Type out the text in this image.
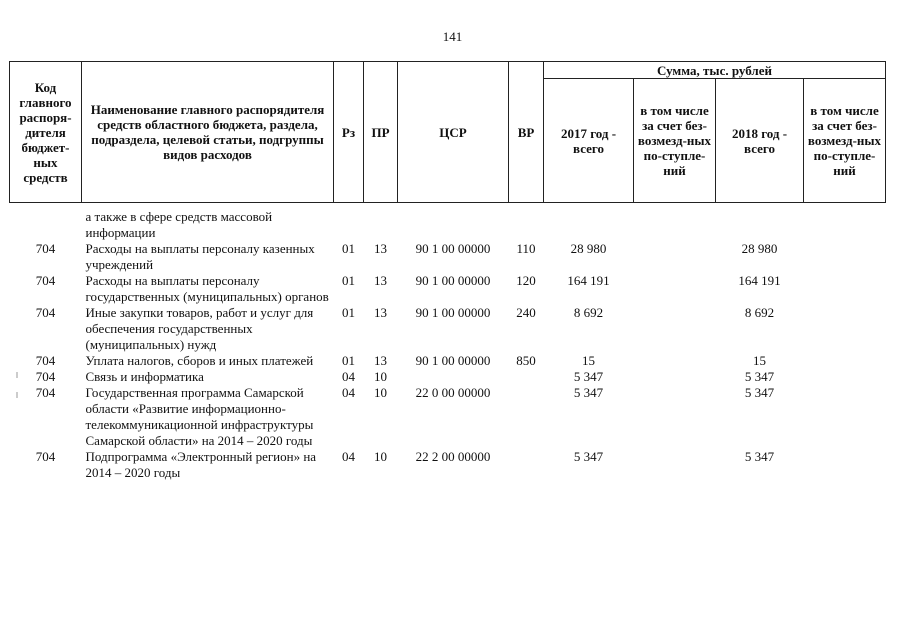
141
Код главного распоря-дителя бюджет-ных средств	Наименование главного распорядителя средств областного бюджета, раздела, подраздела, целевой статьи, подгруппы видов расходов	Рз	ПР	ЦСР	ВР	Сумма, тыс. рублей			
						2017 год - всего	в том числе за счет без-возмезд-ных по-ступле-ний	2018 год - всего	в том числе за счет без-возмезд-ных по-ступле-ний

	а также в сфере средств массовой информации								
704	Расходы на выплаты персоналу казенных учреждений	01	13	90 1 00 00000	110	28 980		28 980	
704	Расходы на выплаты персоналу государственных (муниципальных) органов	01	13	90 1 00 00000	120	164 191		164 191	
704	Иные закупки товаров, работ и услуг для обеспечения государственных (муниципальных) нужд	01	13	90 1 00 00000	240	8 692		8 692	
704	Уплата налогов, сборов и иных платежей	01	13	90 1 00 00000	850	15		15	
704	Связь и информатика	04	10			5 347		5 347	
704	Государственная программа Самарской области «Развитие информационно-телекоммуникационной инфраструктуры Самарской области» на 2014 – 2020 годы	04	10	22 0 00 00000		5 347		5 347	
704	Подпрограмма «Электронный регион» на 2014 – 2020 годы	04	10	22 2 00 00000		5 347		5 347	
